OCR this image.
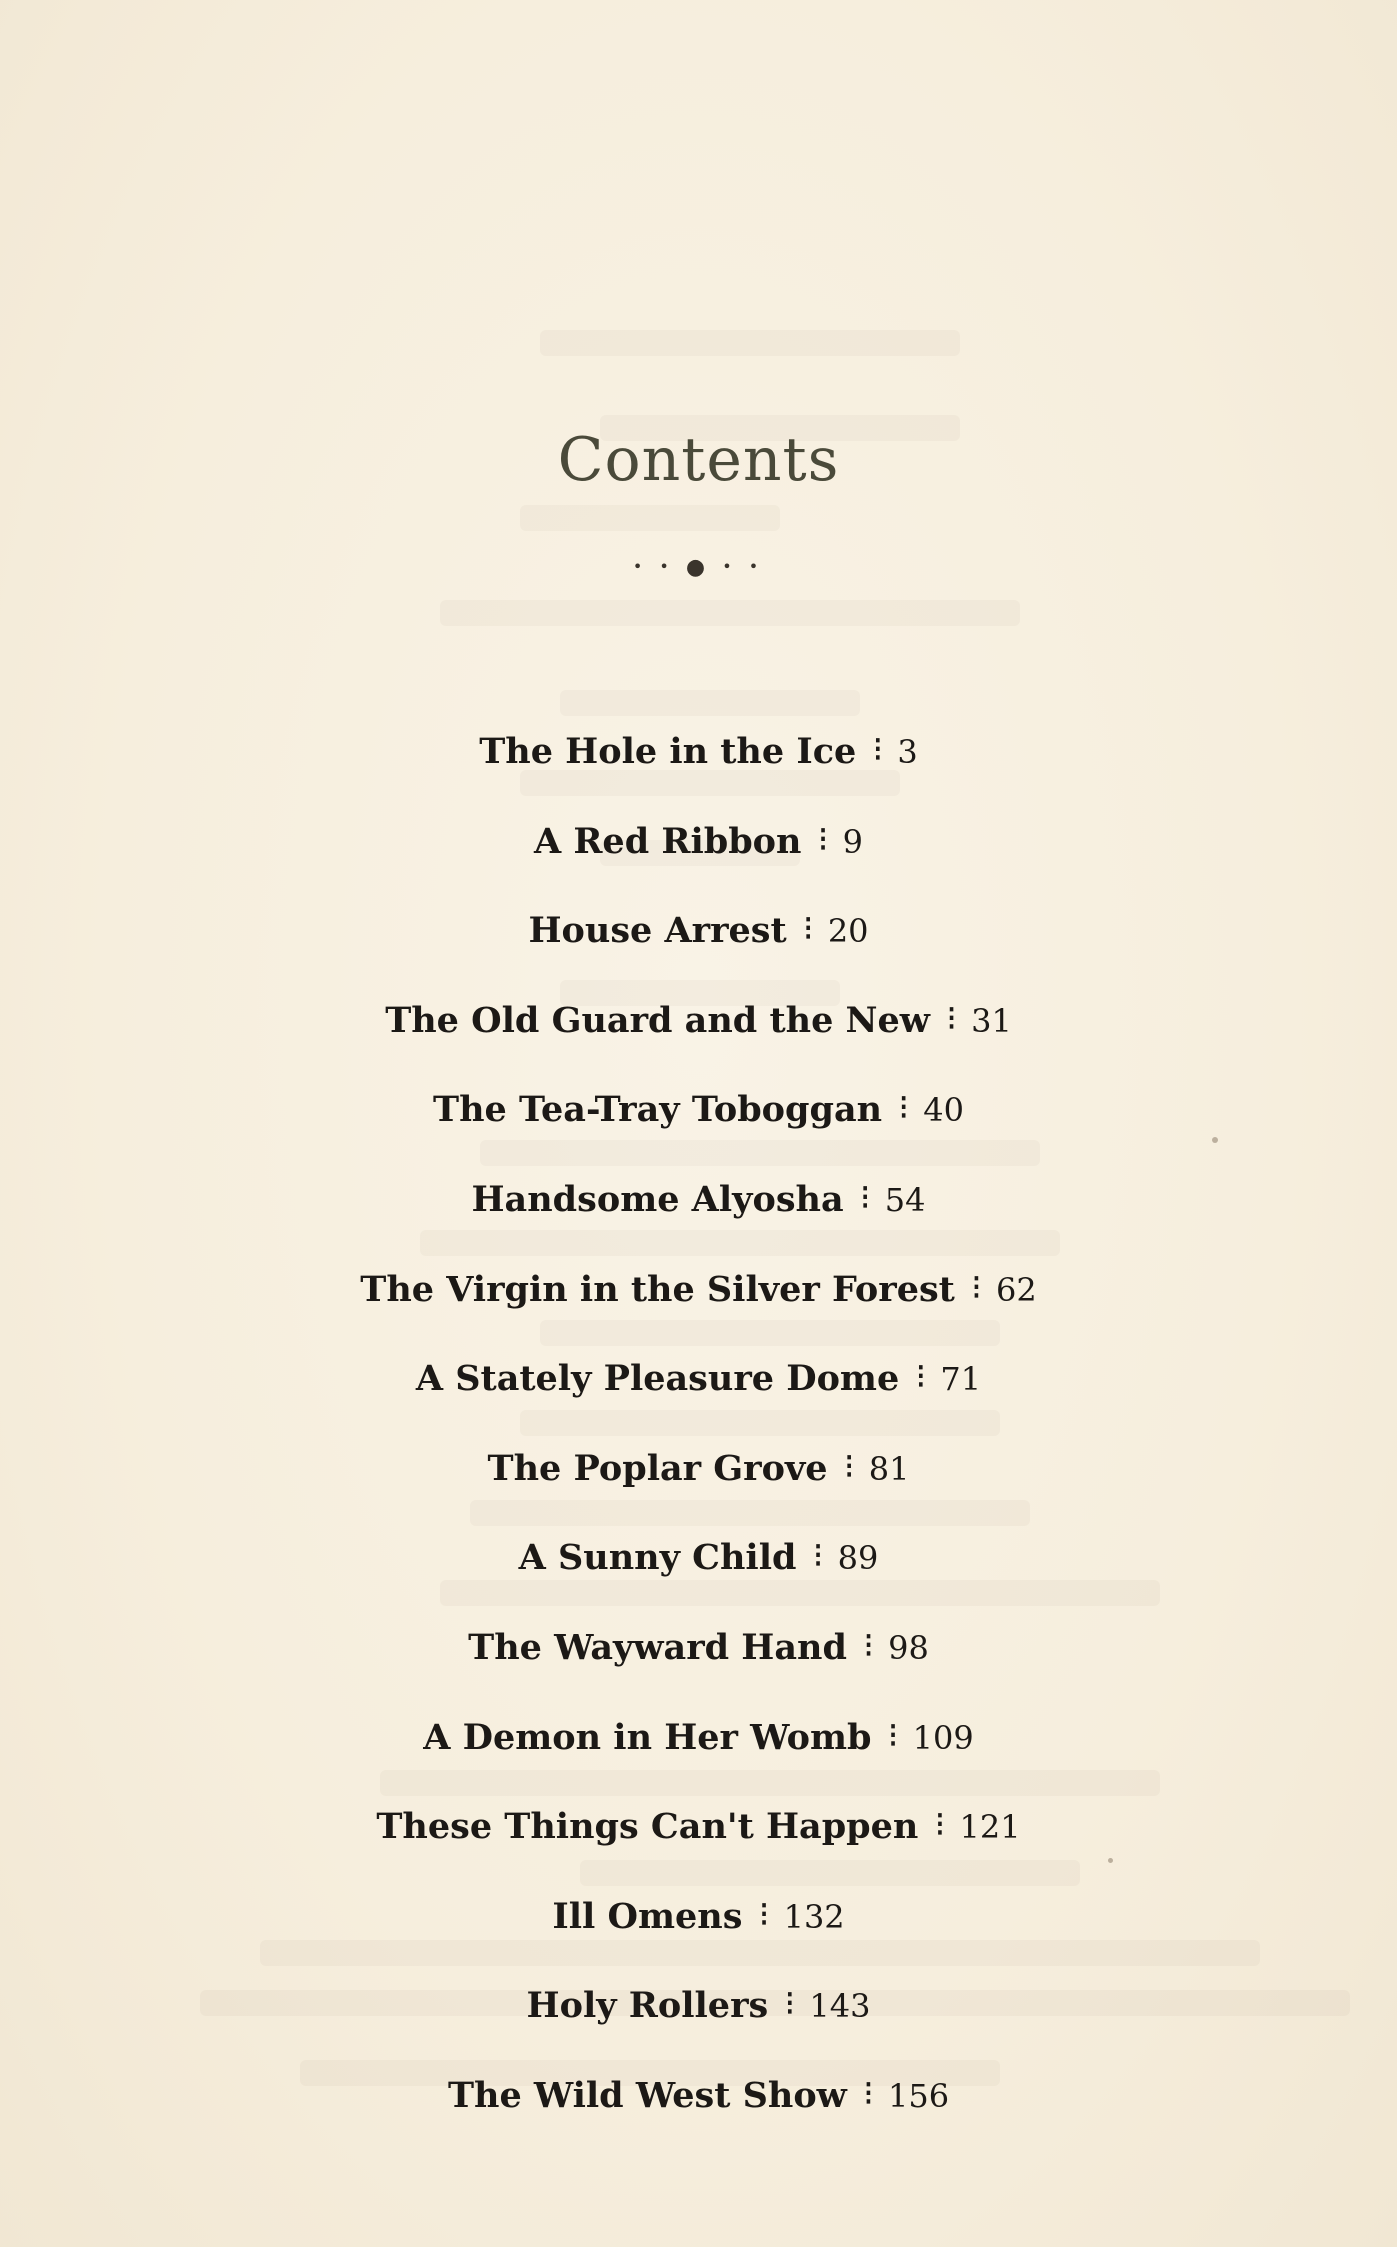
Contents
• • ● • •
The Hole in the Ice ⁝ 3
A Red Ribbon ⁝ 9
House Arrest ⁝ 20
The Old Guard and the New ⁝ 31
The Tea-Tray Toboggan ⁝ 40
Handsome Alyosha ⁝ 54
The Virgin in the Silver Forest ⁝ 62
A Stately Pleasure Dome ⁝ 71
The Poplar Grove ⁝ 81
A Sunny Child ⁝ 89
The Wayward Hand ⁝ 98
A Demon in Her Womb ⁝ 109
These Things Can't Happen ⁝ 121
Ill Omens ⁝ 132
Holy Rollers ⁝ 143
The Wild West Show ⁝ 156
